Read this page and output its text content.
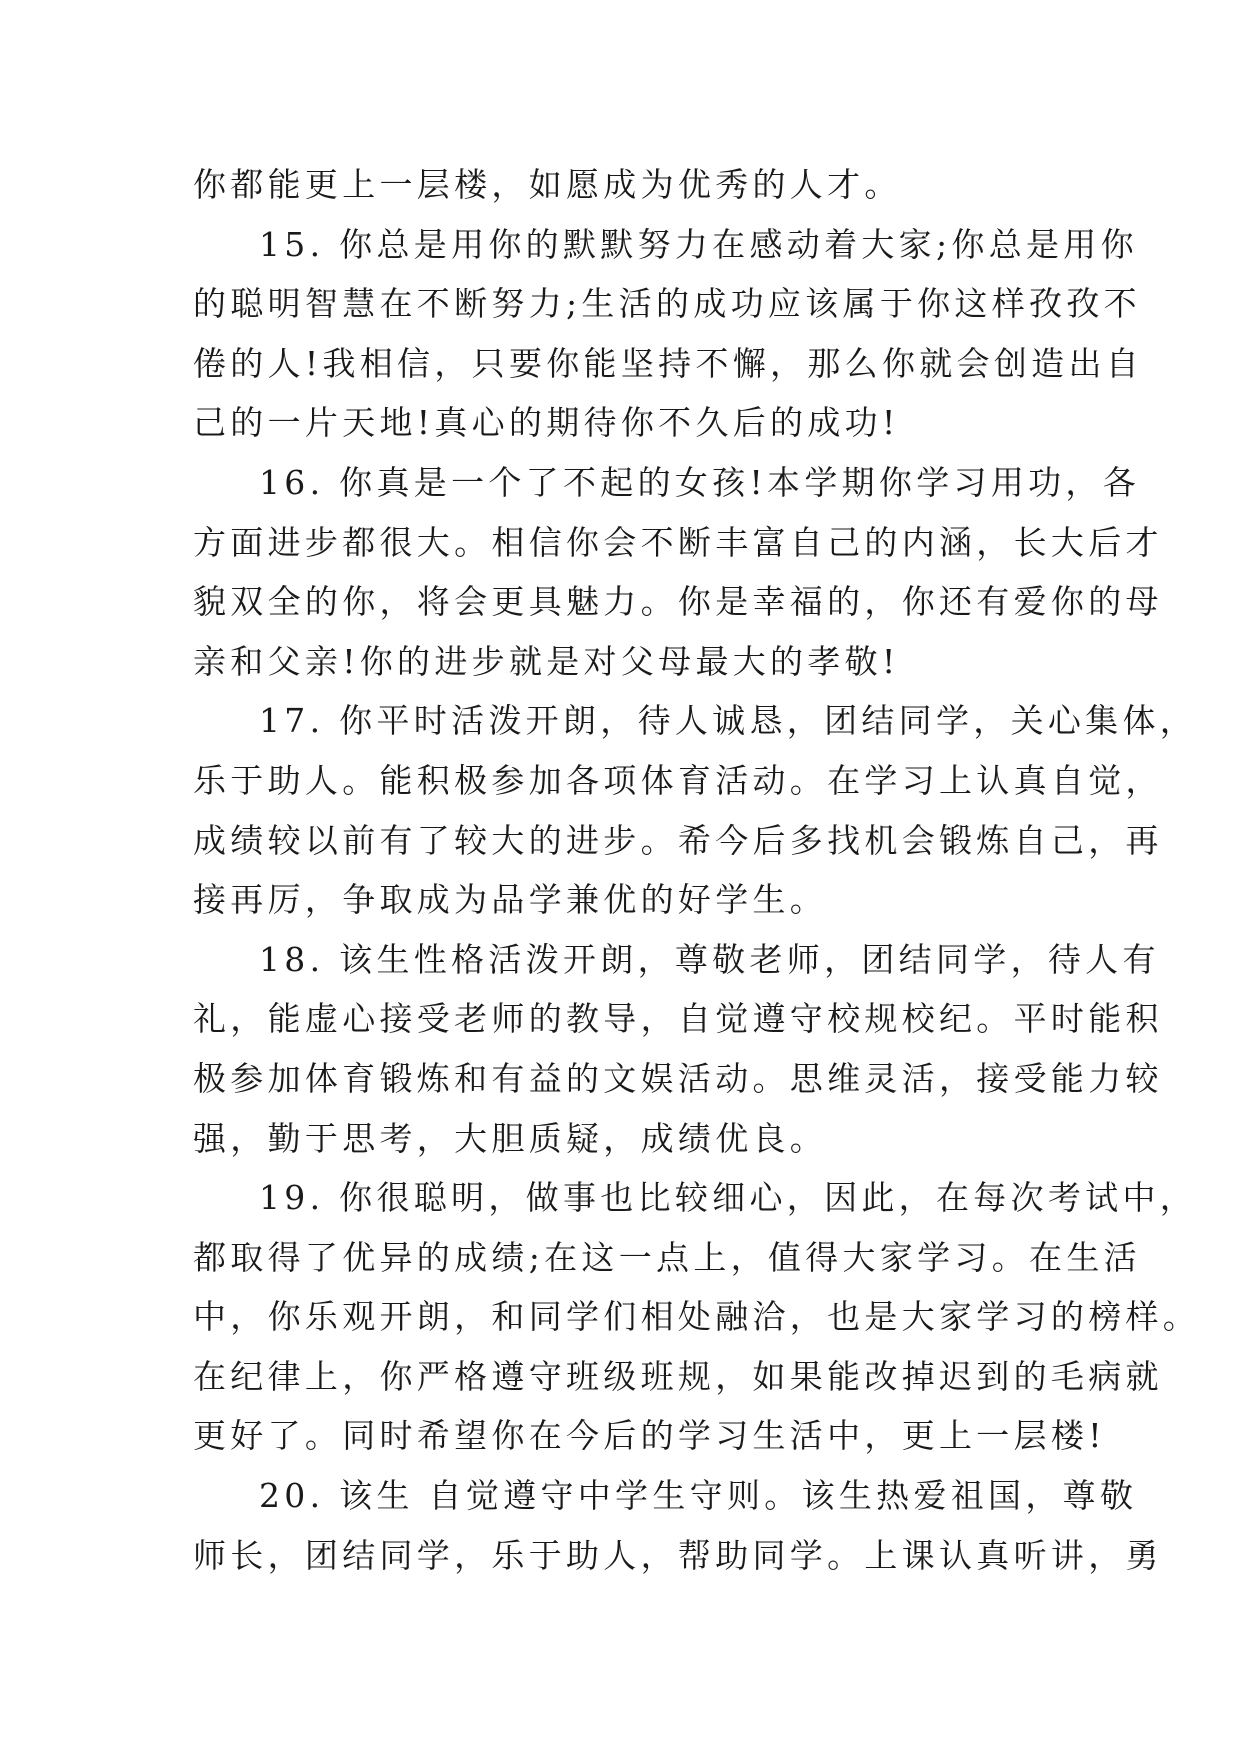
你都能更上一层楼，如愿成为优秀的人才。
15. 你总是用你的默默努力在感动着大家;你总是用你
的聪明智慧在不断努力;生活的成功应该属于你这样孜孜不
倦的人!我相信，只要你能坚持不懈，那么你就会创造出自
己的一片天地!真心的期待你不久后的成功!
16. 你真是一个了不起的女孩!本学期你学习用功，各
方面进步都很大。相信你会不断丰富自己的内涵，长大后才
貌双全的你，将会更具魅力。你是幸福的，你还有爱你的母
亲和父亲!你的进步就是对父母最大的孝敬!
17. 你平时活泼开朗，待人诚恳，团结同学，关心集体，
乐于助人。能积极参加各项体育活动。在学习上认真自觉，
成绩较以前有了较大的进步。希今后多找机会锻炼自己，再
接再厉，争取成为品学兼优的好学生。
18. 该生性格活泼开朗，尊敬老师，团结同学，待人有
礼，能虚心接受老师的教导，自觉遵守校规校纪。平时能积
极参加体育锻炼和有益的文娱活动。思维灵活，接受能力较
强，勤于思考，大胆质疑，成绩优良。
19. 你很聪明，做事也比较细心，因此，在每次考试中，
都取得了优异的成绩;在这一点上，值得大家学习。在生活
中，你乐观开朗，和同学们相处融洽，也是大家学习的榜样。
在纪律上，你严格遵守班级班规，如果能改掉迟到的毛病就
更好了。同时希望你在今后的学习生活中，更上一层楼!
20. 该生 自觉遵守中学生守则。该生热爱祖国，尊敬
师长，团结同学，乐于助人，帮助同学。上课认真听讲，勇
